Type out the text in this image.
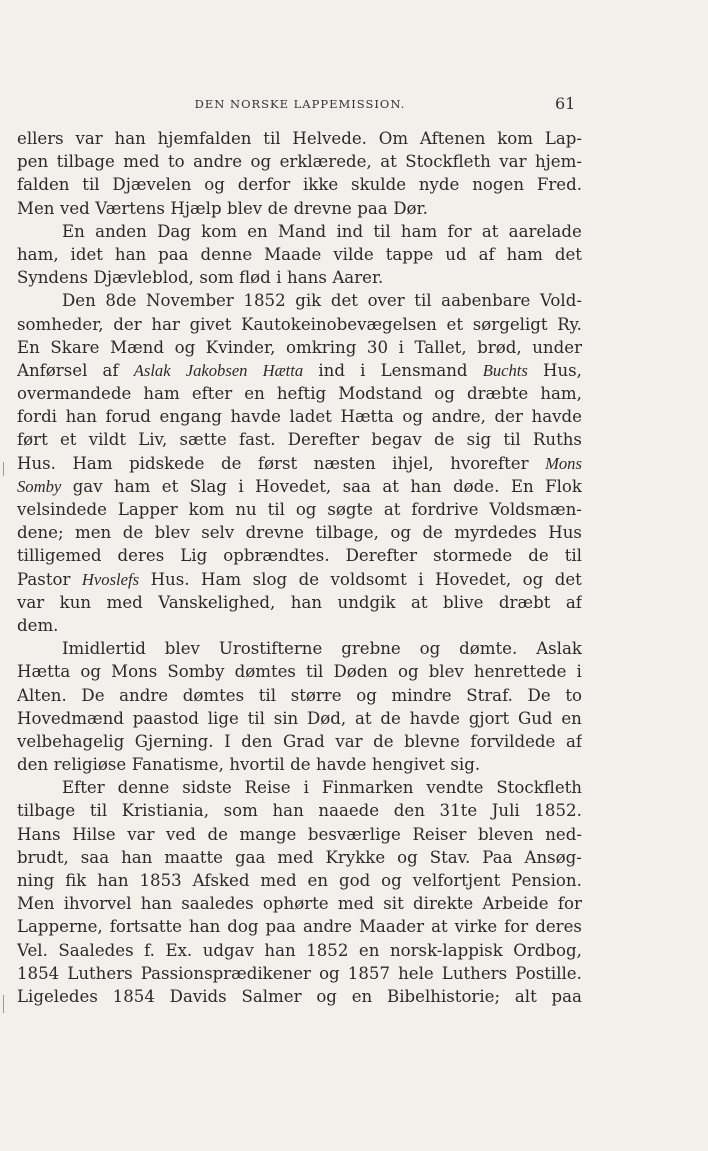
DEN NORSKE LAPPEMISSION.	61
ellers var han hjemfalden til Helvede. Om Aftenen kom Lap-
pen tilbage med to andre og erklærede, at Stockfleth var hjem-
falden til Djævelen og derfor ikke skulde nyde nogen Fred.
Men ved Værtens Hjælp blev de drevne paa Dør.
En anden Dag kom en Mand ind til ham for at aarelade
ham, idet han paa denne Maade vilde tappe ud af ham det
Syndens Djævleblod, som flød i hans Aarer.
Den 8de November 1852 gik det over til aabenbare Vold-
somheder, der har givet Kautokeinobevægelsen et sørgeligt Ry.
En Skare Mænd og Kvinder, omkring 30 i Tallet, brød, under
Anførsel af Aslak Jakobsen Hætta ind i Lensmand Buchts Hus,
overmandede ham efter en heftig Modstand og dræbte ham,
fordi han forud engang havde ladet Hætta og andre, der havde
ført et vildt Liv, sætte fast. Derefter begav de sig til Ruths
Hus. Ham pidskede de først næsten ihjel, hvorefter Mons
Somby gav ham et Slag i Hovedet, saa at han døde. En Flok
velsindede Lapper kom nu til og søgte at fordrive Voldsmæn-
dene; men de blev selv drevne tilbage, og de myrdedes Hus
tilligemed deres Lig opbrændtes. Derefter stormede de til
Pastor Hvoslefs Hus. Ham slog de voldsomt i Hovedet, og det
var kun med Vanskelighed, han undgik at blive dræbt af
dem.
Imidlertid blev Urostifterne grebne og dømte. Aslak
Hætta og Mons Somby dømtes til Døden og blev henrettede i
Alten. De andre dømtes til større og mindre Straf. De to
Hovedmænd paastod lige til sin Død, at de havde gjort Gud en
velbehagelig Gjerning. I den Grad var de blevne forvildede af
den religiøse Fanatisme, hvortil de havde hengivet sig.
Efter denne sidste Reise i Finmarken vendte Stockfleth
tilbage til Kristiania, som han naaede den 31te Juli 1852.
Hans Hilse var ved de mange besværlige Reiser bleven ned-
brudt, saa han maatte gaa med Krykke og Stav. Paa Ansøg-
ning fik han 1853 Afsked med en god og velfortjent Pension.
Men ihvorvel han saaledes ophørte med sit direkte Arbeide for
Lapperne, fortsatte han dog paa andre Maader at virke for deres
Vel. Saaledes f. Ex. udgav han 1852 en norsk-lappisk Ordbog,
1854 Luthers Passionsprædikener og 1857 hele Luthers Postille.
Ligeledes 1854 Davids Salmer og en Bibelhistorie; alt paa
